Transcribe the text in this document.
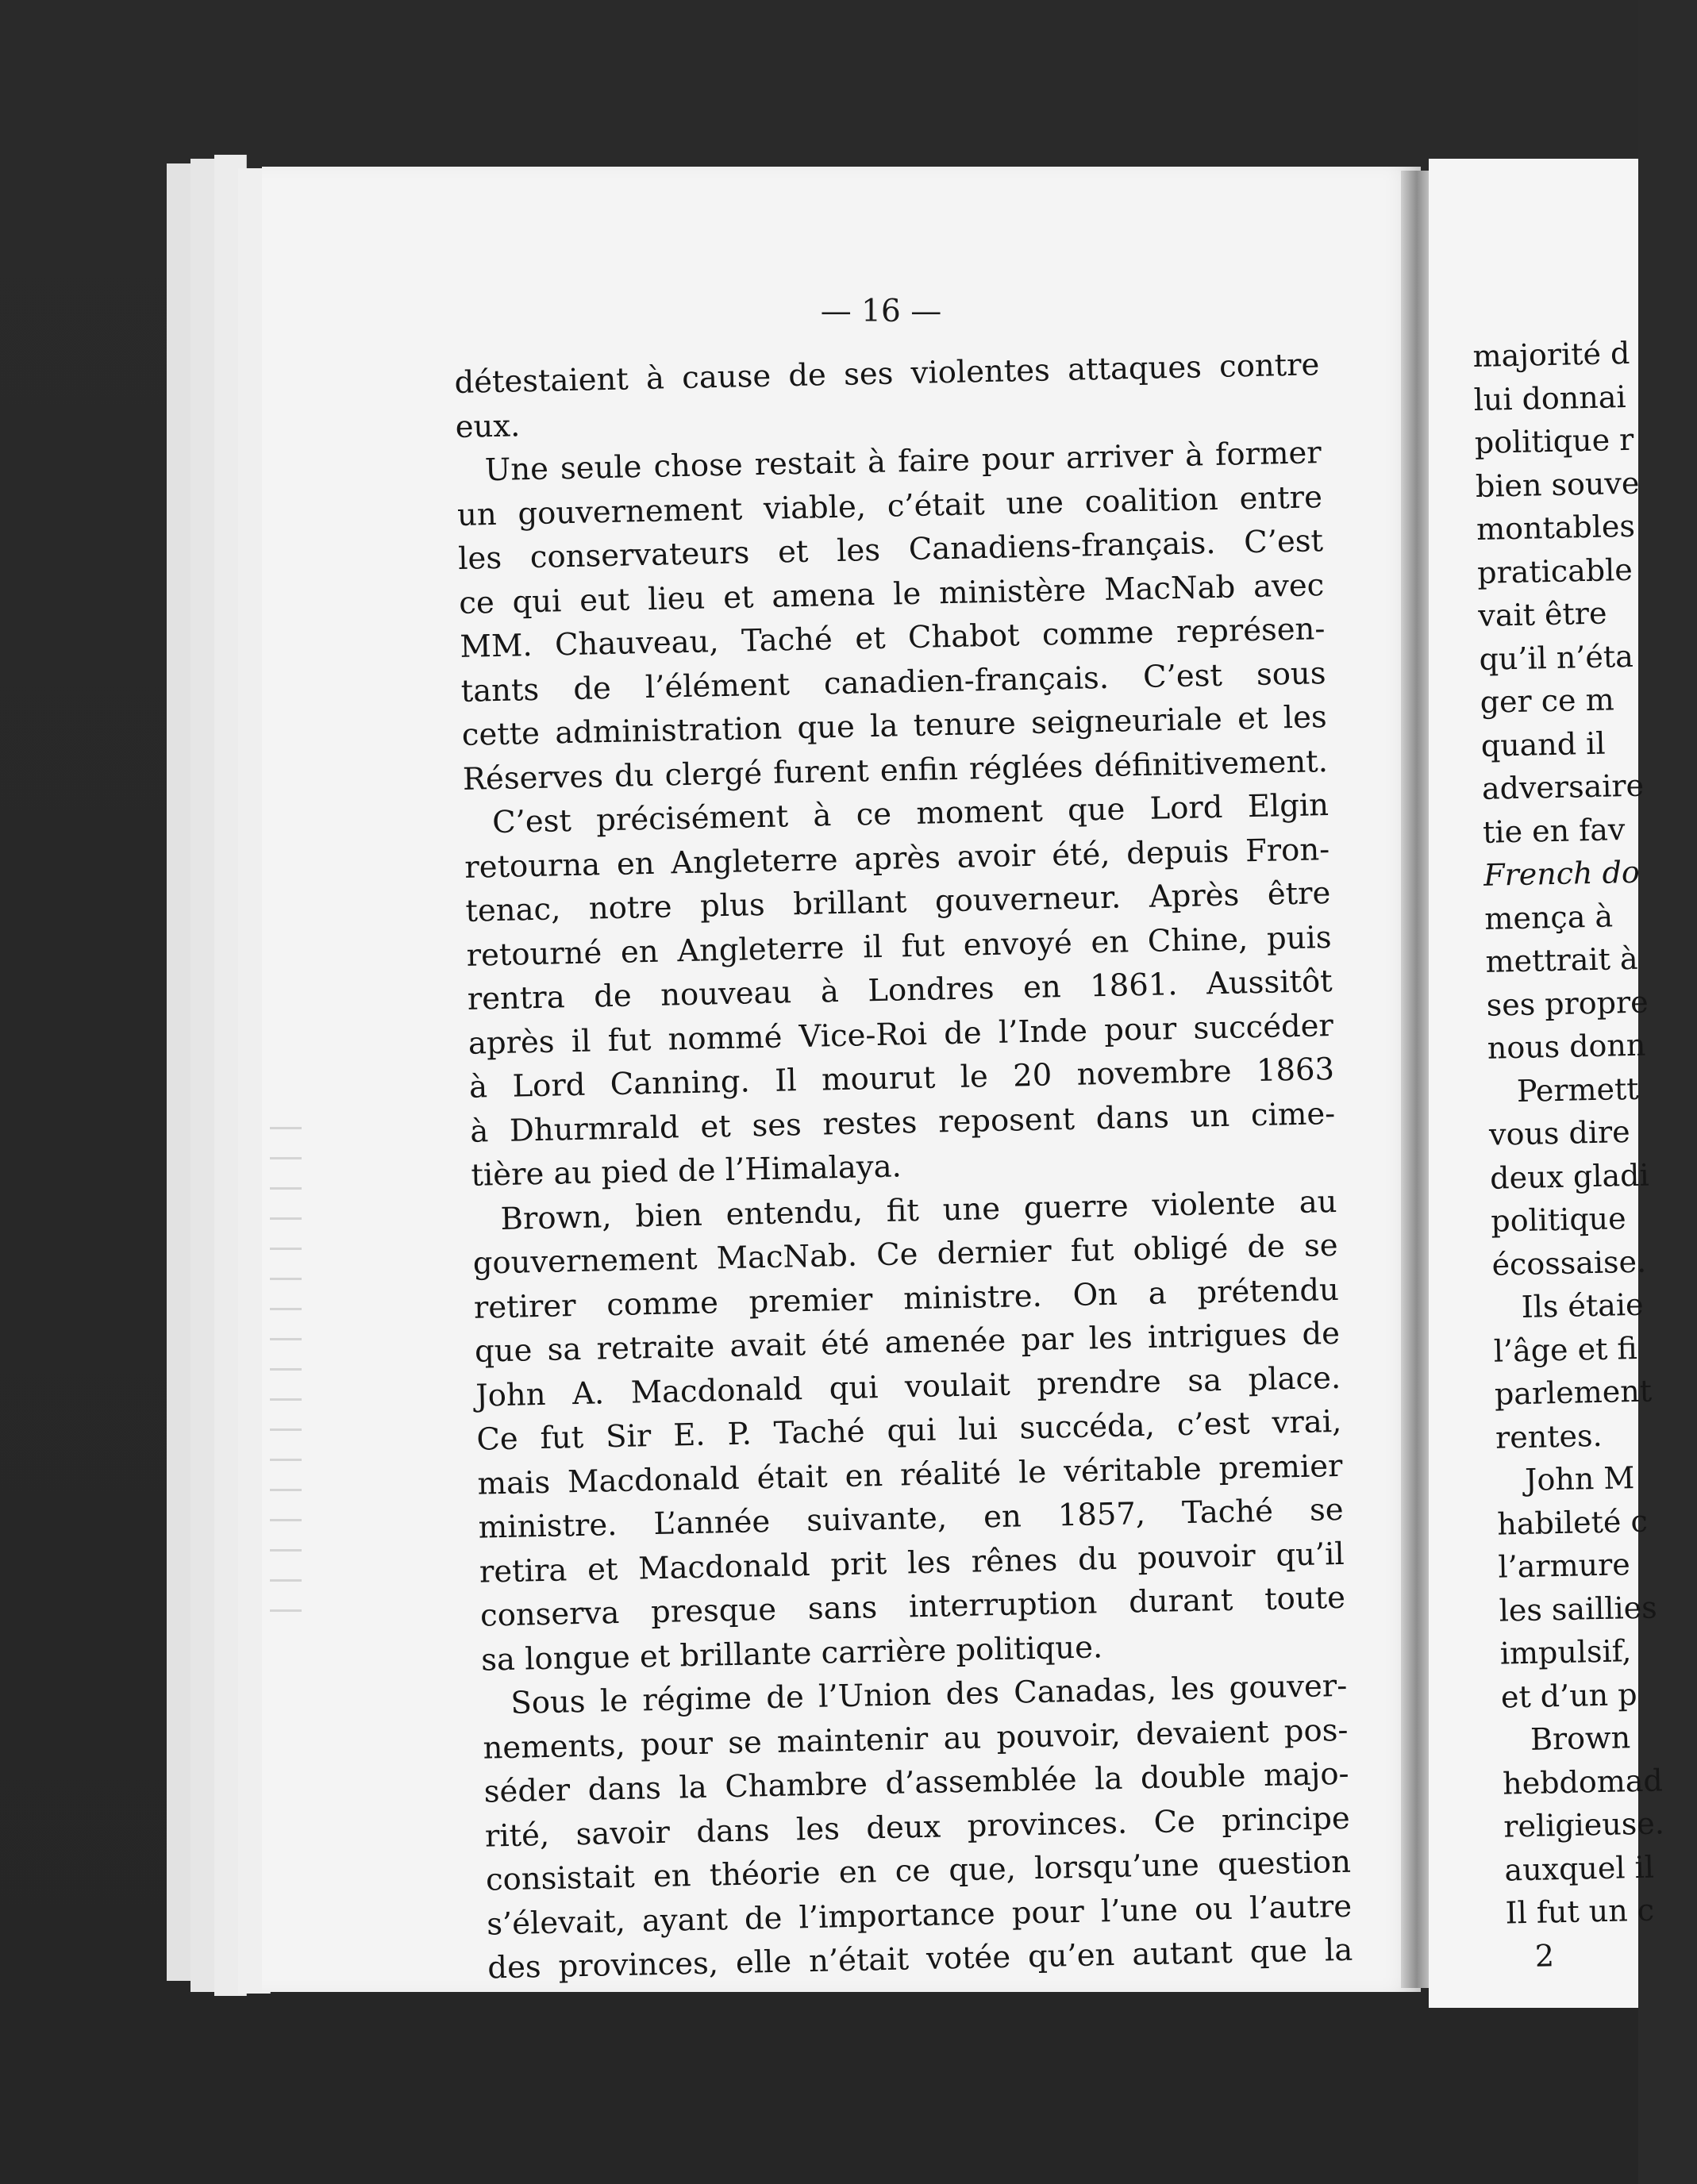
— 16 —
détestaient à cause de ses violentes attaques contre
eux.
Une seule chose restait à faire pour arriver à former
un gouvernement viable, c’était une coalition entre
les conservateurs et les Canadiens-français. C’est
ce qui eut lieu et amena le ministère MacNab avec
MM. Chauveau, Taché et Chabot comme représen-
tants de l’élément canadien-français. C’est sous
cette administration que la tenure seigneuriale et les
Réserves du clergé furent enfin réglées définitivement.
C’est précisément à ce moment que Lord Elgin
retourna en Angleterre après avoir été, depuis Fron-
tenac, notre plus brillant gouverneur. Après être
retourné en Angleterre il fut envoyé en Chine, puis
rentra de nouveau à Londres en 1861. Aussitôt
après il fut nommé Vice-Roi de l’Inde pour succéder
à Lord Canning. Il mourut le 20 novembre 1863
à Dhurmrald et ses restes reposent dans un cime-
tière au pied de l’Himalaya.
Brown, bien entendu, fit une guerre violente au
gouvernement MacNab. Ce dernier fut obligé de se
retirer comme premier ministre. On a prétendu
que sa retraite avait été amenée par les intrigues de
John A. Macdonald qui voulait prendre sa place.
Ce fut Sir E. P. Taché qui lui succéda, c’est vrai,
mais Macdonald était en réalité le véritable premier
ministre. L’année suivante, en 1857, Taché se
retira et Macdonald prit les rênes du pouvoir qu’il
conserva presque sans interruption durant toute
sa longue et brillante carrière politique.
Sous le régime de l’Union des Canadas, les gouver-
nements, pour se maintenir au pouvoir, devaient pos-
séder dans la Chambre d’assemblée la double majo-
rité, savoir dans les deux provinces. Ce principe
consistait en théorie en ce que, lorsqu’une question
s’élevait, ayant de l’importance pour l’une ou l’autre
des provinces, elle n’était votée qu’en autant que la
majorité d
lui donnai
politique r
bien souve
montables
praticable
vait être
qu’il n’éta
ger ce m
quand il
adversaire
tie en fav
French do
mença à
mettrait à
ses propre
nous donn
Permett
vous dire
deux gladi
politique
écossaise.
Ils étaie
l’âge et fi
parlement
rentes.
John M
habileté c
l’armure
les saillies
impulsif,
et d’un p
Brown
hebdomad
religieuse.
auxquel il
Il fut un c
2
